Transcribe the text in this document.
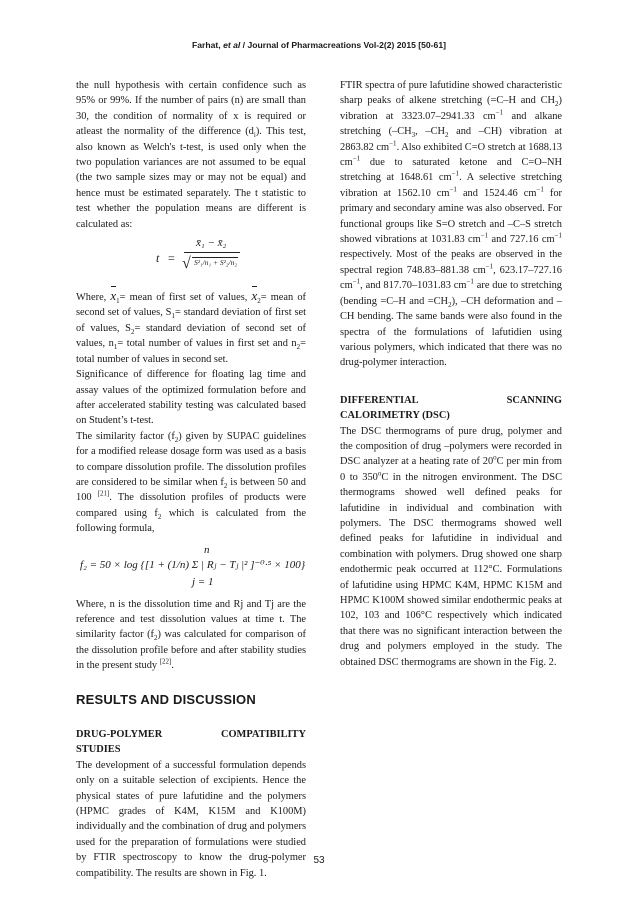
Farhat, et al / Journal of Pharmacreations Vol-2(2) 2015 [50-61]

the null hypothesis with certain confidence such as 95% or 99%. If the number of pairs (n) are small than 30, the condition of normality of x is required or atleast the normality of the difference $(d_i)$. This test, also known as Welch's t-test, is used only when the two population variances are not assumed to be equal (the two sample sizes may or may not be equal) and hence must be estimated separately. The t statistic to test whether the population means are different is calculated as:

t =
x̄₁ − x̄₂
√ S²₁/n₁ + S²₂/n₂

Where, $x_1=$ mean of first set of values, $x_2=$ mean of second set of values, $S_1=$ standard deviation of first set of values, $S_2=$ standard deviation of second set of values, $n_1=$ total number of values in first set and $n_2=$ total number of values in second set.

Significance of difference for floating lag time and assay values of the optimized formulation before and after accelerated stability testing was calculated based on Student’s t-test.

The similarity factor $(f_2)$ given by SUPAC guidelines for a modified release dosage form was used as a basis to compare dissolution profile. The dissolution profiles are considered to be similar when $f_2$ is between 50 and 100 [21]. The dissolution profiles of products were compared using $f_2$ which is calculated from the following formula,

n
f₂ = 50 × log {[1 + (1/n) Σ | Rⱼ − Tⱼ |² ]⁻⁰·⁵ × 100}
j = 1

Where, n is the dissolution time and Rj and Tj are the reference and test dissolution values at time t. The similarity factor $(f_2)$ was calculated for comparison of the dissolution profile before and after stability studies in the present study [22].

RESULTS AND DISCUSSION
DRUG-POLYMER	COMPATIBILITY
STUDIES

The development of a successful formulation depends only on a suitable selection of excipients. Hence the physical states of pure lafutidine and the polymers (HPMC grades of K4M, K15M and K100M) individually and the combination of drug and polymers used for the preparation of formulations were studied by FTIR spectroscopy to know the drug-polymer compatibility. The results are shown in Fig. 1.

FTIR spectra of pure lafutidine showed characteristic sharp peaks of alkene stretching (=C–H and $CH_2$) vibration at 3323.07–2941.33 $cm^{-1}$ and alkane stretching ($-CH_3$, $-CH_2$ and –CH) vibration at 2863.82 $cm^{-1}$. Also exhibited C=O stretch at 1688.13 $cm^{-1}$ due to saturated ketone and C=O–NH stretching at 1648.61 $cm^{-1}$. A selective stretching vibration at 1562.10 $cm^{-1}$ and 1524.46 $cm^{-1}$ for primary and secondary amine was also observed. For functional groups like S=O stretch and –C–S stretch showed vibrations at 1031.83 $cm^{-1}$ and 727.16 $cm^{-1}$ respectively. Most of the peaks are observed in the spectral region 748.83–881.38 $cm^{-1}$, 623.17–727.16 $cm^{-1}$, and 817.70–1031.83 $cm^{-1}$ are due to stretching (bending =C–H and $=CH_2$), –CH deformation and –CH bending. The same bands were also found in the spectra of the formulations of lafutidien using various polymers, which indicated that there was no drug-polymer interaction.

DIFFERENTIAL	SCANNING
CALORIMETRY (DSC)

The DSC thermograms of pure drug, polymer and the composition of drug –polymers were recorded in DSC analyzer at a heating rate of 20$^o$C per min from 0 to 350$^o$C in the nitrogen environment. The DSC thermograms showed well defined peaks for lafutidine in individual and combination with polymers. The DSC thermograms showed well defined peaks for lafutidine in individual and combination with polymers. Drug showed one sharp endothermic peak occurred at 112°C. Formulations of lafutidine using HPMC K4M, HPMC K15M and HPMC K100M showed similar endothermic peaks at 102, 103 and 106°C respectively which indicated that there was no significant interaction between the drug and polymers employed in the study. The obtained DSC thermograms are shown in the Fig. 2.

53
